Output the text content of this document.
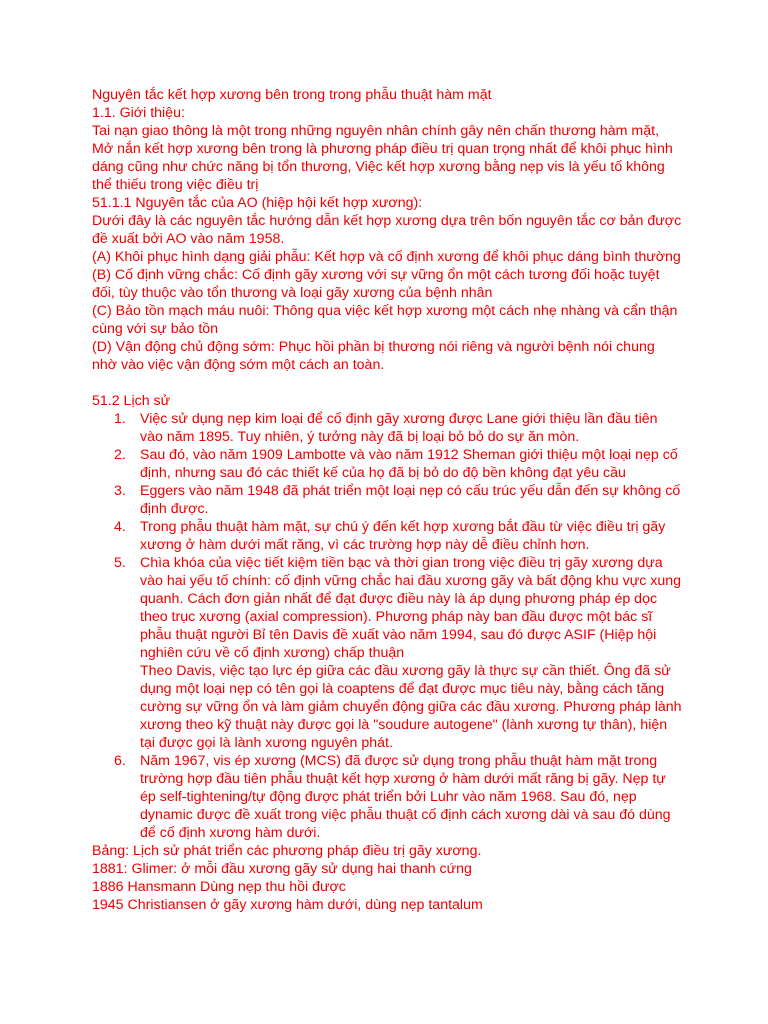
Nguyên tắc kết hợp xương bên trong trong phẫu thuật hàm mặt

1.1. Giới thiệu:

Tai nạn giao thông là một trong những nguyên nhân chính gây nên chấn thương hàm mặt, Mở nắn kết hợp xương bên trong là phương pháp điều trị quan trọng nhất để khôi phục hình dáng cũng như chức năng bị tổn thương, Việc kết hợp xương bằng nẹp vis là yếu tố không thể thiếu trong việc điều trị

51.1.1 Nguyên tắc của AO (hiệp hội kết hợp xương):

Dưới đây là các nguyên tắc hướng dẫn kết hợp xương dựa trên bốn nguyên tắc cơ bản được đề xuất bởi AO vào năm 1958.

(A) Khôi phục hình dạng giải phẫu: Kết hợp và cố định xương để khôi phục dáng bình thường

(B) Cố định vững chắc: Cố định gãy xương với sự vững ổn một cách tương đối hoặc tuyệt đối, tùy thuộc vào tổn thương và loại gãy xương của bệnh nhân

(C) Bảo tồn mạch máu nuôi: Thông qua việc kết hợp xương một cách nhẹ nhàng và cẩn thận cùng với sự bảo tồn

(D) Vận động chủ động sớm: Phục hồi phần bị thương nói riêng và người bệnh nói chung nhờ vào việc vận động sớm một cách an toàn.

51.2 Lịch sử

1. Việc sử dụng nẹp kim loại để cố định gãy xương được Lane giới thiệu lần đầu tiên vào năm 1895. Tuy nhiên, ý tưởng này đã bị loại bỏ bỏ do sự ăn mòn.

2. Sau đó, vào năm 1909 Lambotte và vào năm 1912 Sheman giới thiệu một loại nẹp cố định, nhưng sau đó các thiết kế của họ đã bị bỏ do độ bền không đạt yêu cầu

3. Eggers vào năm 1948 đã phát triển một loại nẹp có cấu trúc yếu dẫn đến sự không cố định được.

4. Trong phẫu thuật hàm mặt, sự chú ý đến kết hợp xương bắt đầu từ việc điều trị gãy xương ở hàm dưới mất răng, vì các trường hợp này dễ điều chỉnh hơn.

5. Chìa khóa của việc tiết kiệm tiền bạc và thời gian trong việc điều trị gãy xương dựa vào hai yếu tố chính: cố định vững chắc hai đầu xương gãy và bất động khu vực xung quanh. Cách đơn giản nhất để đạt được điều này là áp dụng phương pháp ép dọc theo trục xương (axial compression). Phương pháp này ban đầu được một bác sĩ phẫu thuật người Bỉ tên Davis đề xuất vào năm 1994, sau đó được ASIF (Hiệp hội nghiên cứu về cố định xương) chấp thuận

Theo Davis, việc tạo lực ép giữa các đầu xương gãy là thực sự cần thiết. Ông đã sử dụng một loại nẹp có tên gọi là coaptens để đạt được mục tiêu này, bằng cách tăng cường sự vững ổn và làm giảm chuyển động giữa các đầu xương. Phương pháp lành xương theo kỹ thuật này được gọi là "soudure autogene" (lành xương tự thân), hiện tại được gọi là lành xương nguyên phát.

6. Năm 1967, vis ép xương (MCS) đã được sử dụng trong phẫu thuật hàm mặt trong trường hợp đầu tiên phẫu thuật kết hợp xương ở hàm dưới mất răng bị gãy. Nẹp tự ép self-tightening/tự động được phát triển bởi Luhr vào năm 1968. Sau đó, nẹp dynamic được đề xuất trong việc phẫu thuật cố định cách xương dài và sau đó dùng để cố định xương hàm dưới.

Bảng: Lịch sử phát triển các phương pháp điều trị gãy xương.

1881: Glimer: ở mỗi đầu xương gãy sử dụng hai thanh cứng

1886 Hansmann Dùng nẹp thu hồi được

1945 Christiansen ở gãy xương hàm dưới, dùng nẹp tantalum
